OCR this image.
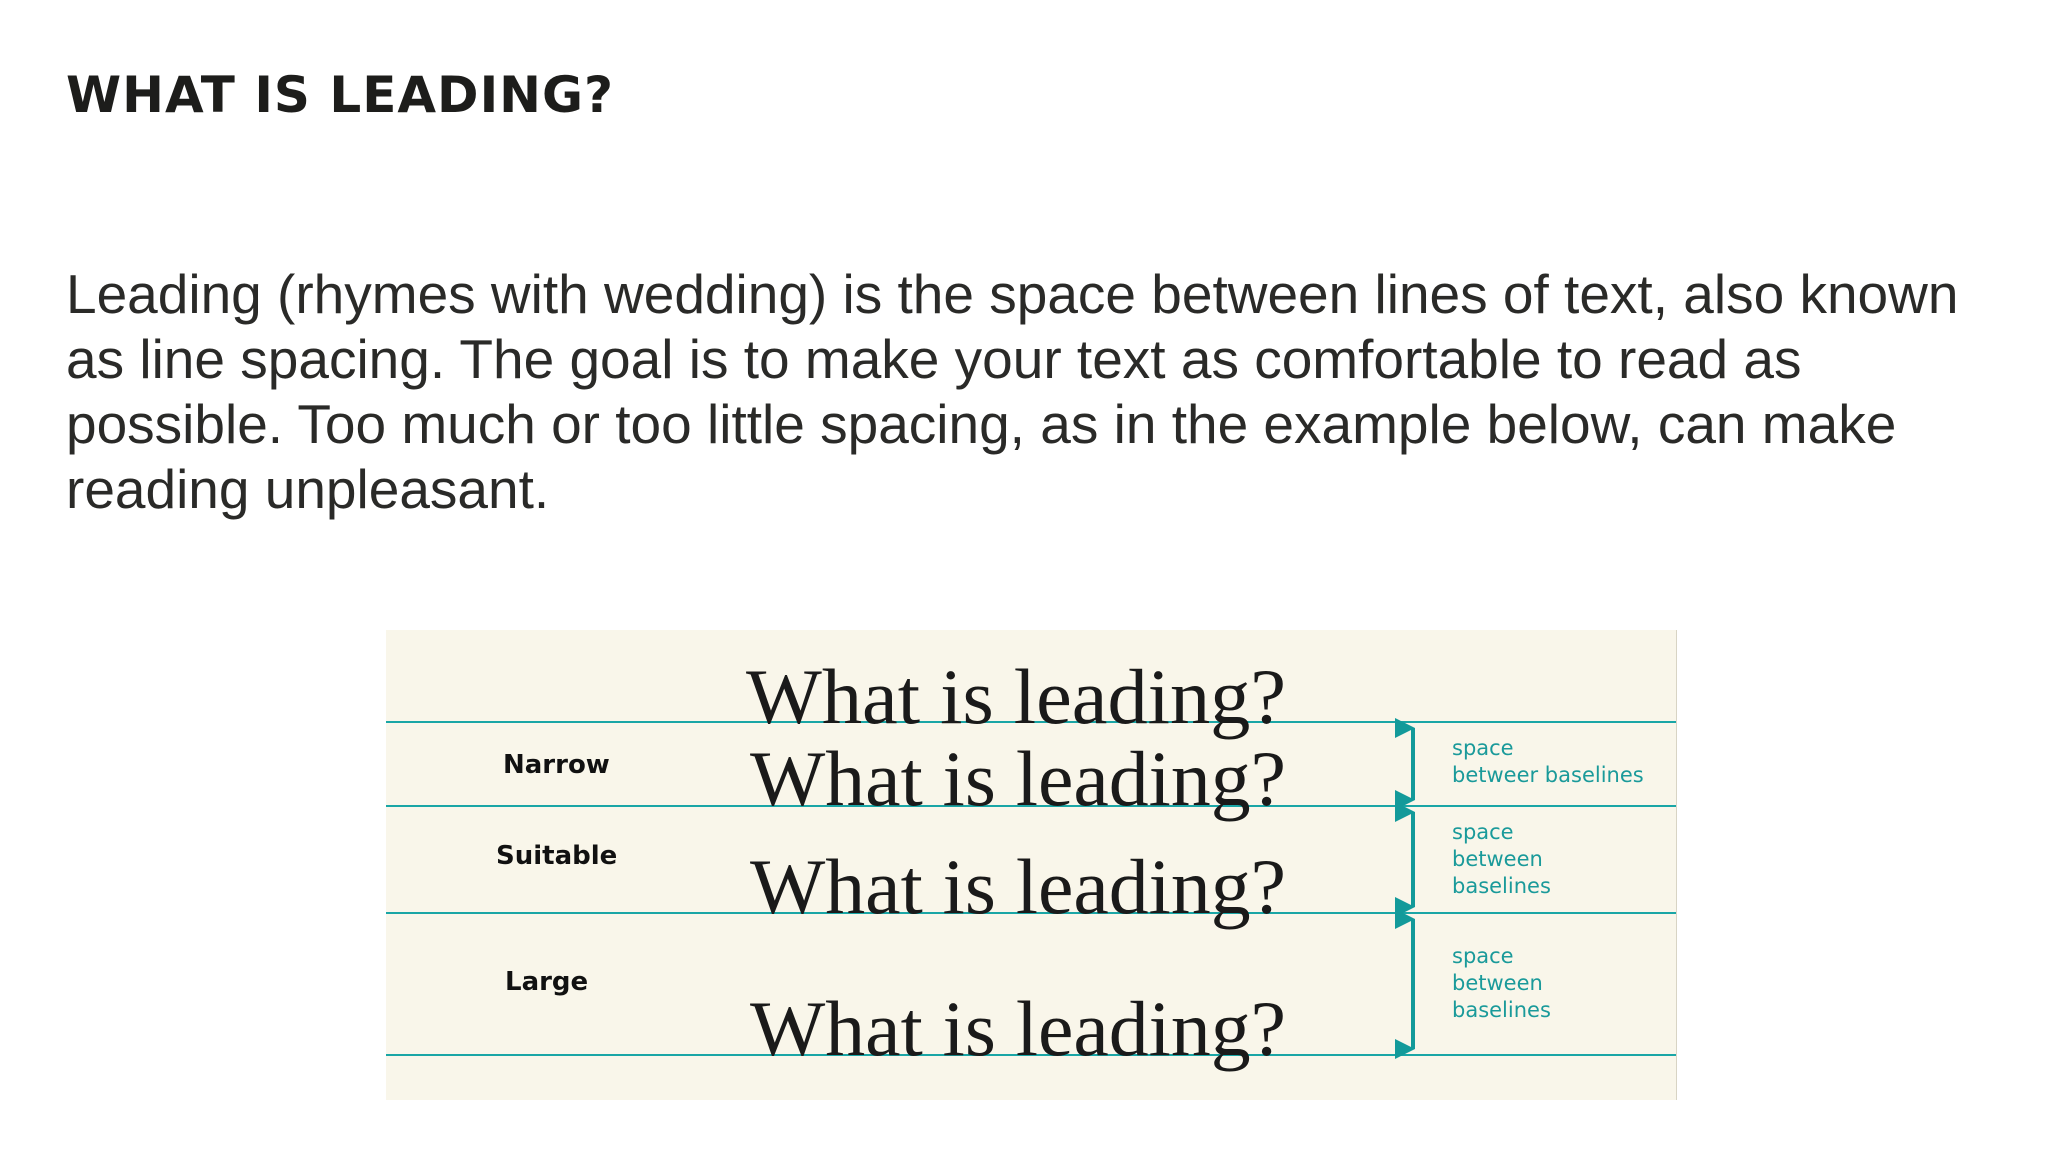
WHAT IS LEADING?

Leading (rhymes with wedding) is the space between lines of text, also known as line spacing. The goal is to make your text as comfortable to read as possible. Too much or too little spacing, as in the example below, can make reading unpleasant.

What is leading?
What is leading?
What is leading?
What is leading?
Narrow
Suitable
Large
space
betweer baselines
space
between
baselines
space
between
baselines
